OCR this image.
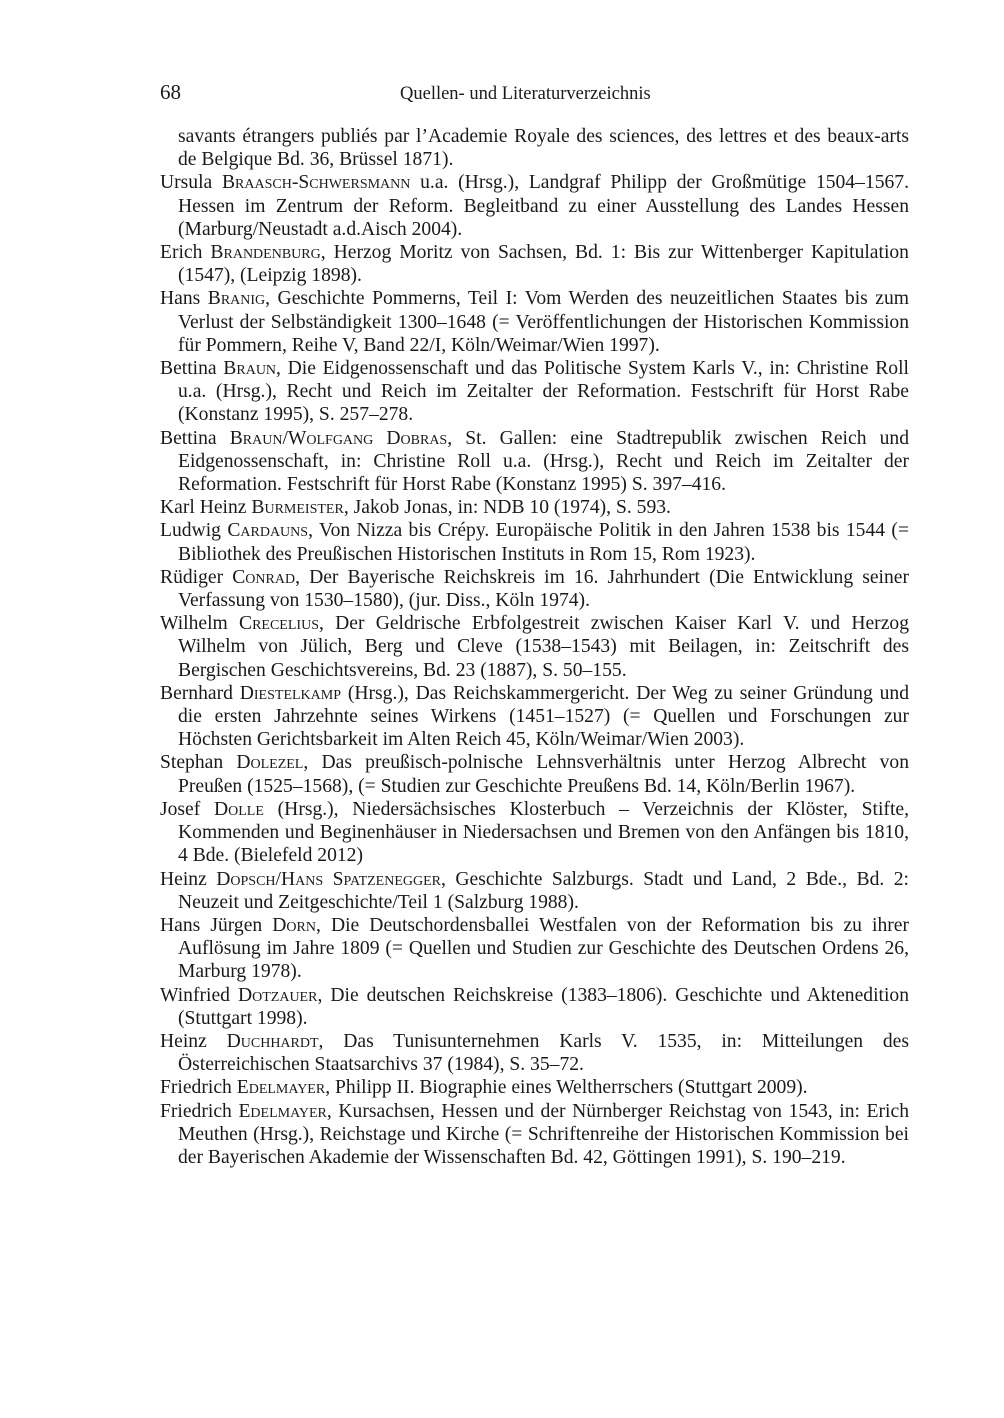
68	Quellen- und Literaturverzeichnis

savants étrangers publiés par l’Academie Royale des sciences, des lettres et des beaux-arts de Belgique Bd. 36, Brüssel 1871).

Ursula Braasch-Schwersmann u.a. (Hrsg.), Landgraf Philipp der Großmütige 1504–1567. Hessen im Zentrum der Reform. Begleitband zu einer Ausstellung des Landes Hessen (Marburg/Neustadt a.d.Aisch 2004).

Erich Brandenburg, Herzog Moritz von Sachsen, Bd. 1: Bis zur Wittenberger Kapitulation (1547), (Leipzig 1898).

Hans Branig, Geschichte Pommerns, Teil I: Vom Werden des neuzeitlichen Staates bis zum Verlust der Selbständigkeit 1300–1648 (= Veröffentlichungen der Historischen Kommission für Pommern, Reihe V, Band 22/I, Köln/Weimar/Wien 1997).

Bettina Braun, Die Eidgenossenschaft und das Politische System Karls V., in: Christine Roll u.a. (Hrsg.), Recht und Reich im Zeitalter der Reformation. Festschrift für Horst Rabe (Konstanz 1995), S. 257–278.

Bettina Braun/Wolfgang Dobras, St. Gallen: eine Stadtrepublik zwischen Reich und Eidgenossenschaft, in: Christine Roll u.a. (Hrsg.), Recht und Reich im Zeitalter der Reformation. Festschrift für Horst Rabe (Konstanz 1995) S. 397–416.

Karl Heinz Burmeister, Jakob Jonas, in: NDB 10 (1974), S. 593.

Ludwig Cardauns, Von Nizza bis Crépy. Europäische Politik in den Jahren 1538 bis 1544 (= Bibliothek des Preußischen Historischen Instituts in Rom 15, Rom 1923).

Rüdiger Conrad, Der Bayerische Reichskreis im 16. Jahrhundert (Die Entwicklung seiner Verfassung von 1530–1580), (jur. Diss., Köln 1974).

Wilhelm Crecelius, Der Geldrische Erbfolgestreit zwischen Kaiser Karl V. und Herzog Wilhelm von Jülich, Berg und Cleve (1538–1543) mit Beilagen, in: Zeitschrift des Bergischen Geschichtsvereins, Bd. 23 (1887), S. 50–155.

Bernhard Diestelkamp (Hrsg.), Das Reichskammergericht. Der Weg zu seiner Gründung und die ersten Jahrzehnte seines Wirkens (1451–1527) (= Quellen und Forschungen zur Höchsten Gerichtsbarkeit im Alten Reich 45, Köln/Weimar/Wien 2003).

Stephan Dolezel, Das preußisch-polnische Lehnsverhältnis unter Herzog Albrecht von Preußen (1525–1568), (= Studien zur Geschichte Preußens Bd. 14, Köln/Berlin 1967).

Josef Dolle (Hrsg.), Niedersächsisches Klosterbuch – Verzeichnis der Klöster, Stifte, Kommenden und Beginenhäuser in Niedersachsen und Bremen von den Anfängen bis 1810, 4 Bde. (Bielefeld 2012)

Heinz Dopsch/Hans Spatzenegger, Geschichte Salzburgs. Stadt und Land, 2 Bde., Bd. 2: Neuzeit und Zeitgeschichte/Teil 1 (Salzburg 1988).

Hans Jürgen Dorn, Die Deutschordensballei Westfalen von der Reformation bis zu ihrer Auflösung im Jahre 1809 (= Quellen und Studien zur Geschichte des Deutschen Ordens 26, Marburg 1978).

Winfried Dotzauer, Die deutschen Reichskreise (1383–1806). Geschichte und Aktenedition (Stuttgart 1998).

Heinz Duchhardt, Das Tunisunternehmen Karls V. 1535, in: Mitteilungen des Österreichischen Staatsarchivs 37 (1984), S. 35–72.

Friedrich Edelmayer, Philipp II. Biographie eines Weltherrschers (Stuttgart 2009).

Friedrich Edelmayer, Kursachsen, Hessen und der Nürnberger Reichstag von 1543, in: Erich Meuthen (Hrsg.), Reichstage und Kirche (= Schriftenreihe der Historischen Kommission bei der Bayerischen Akademie der Wissenschaften Bd. 42, Göttingen 1991), S. 190–219.
